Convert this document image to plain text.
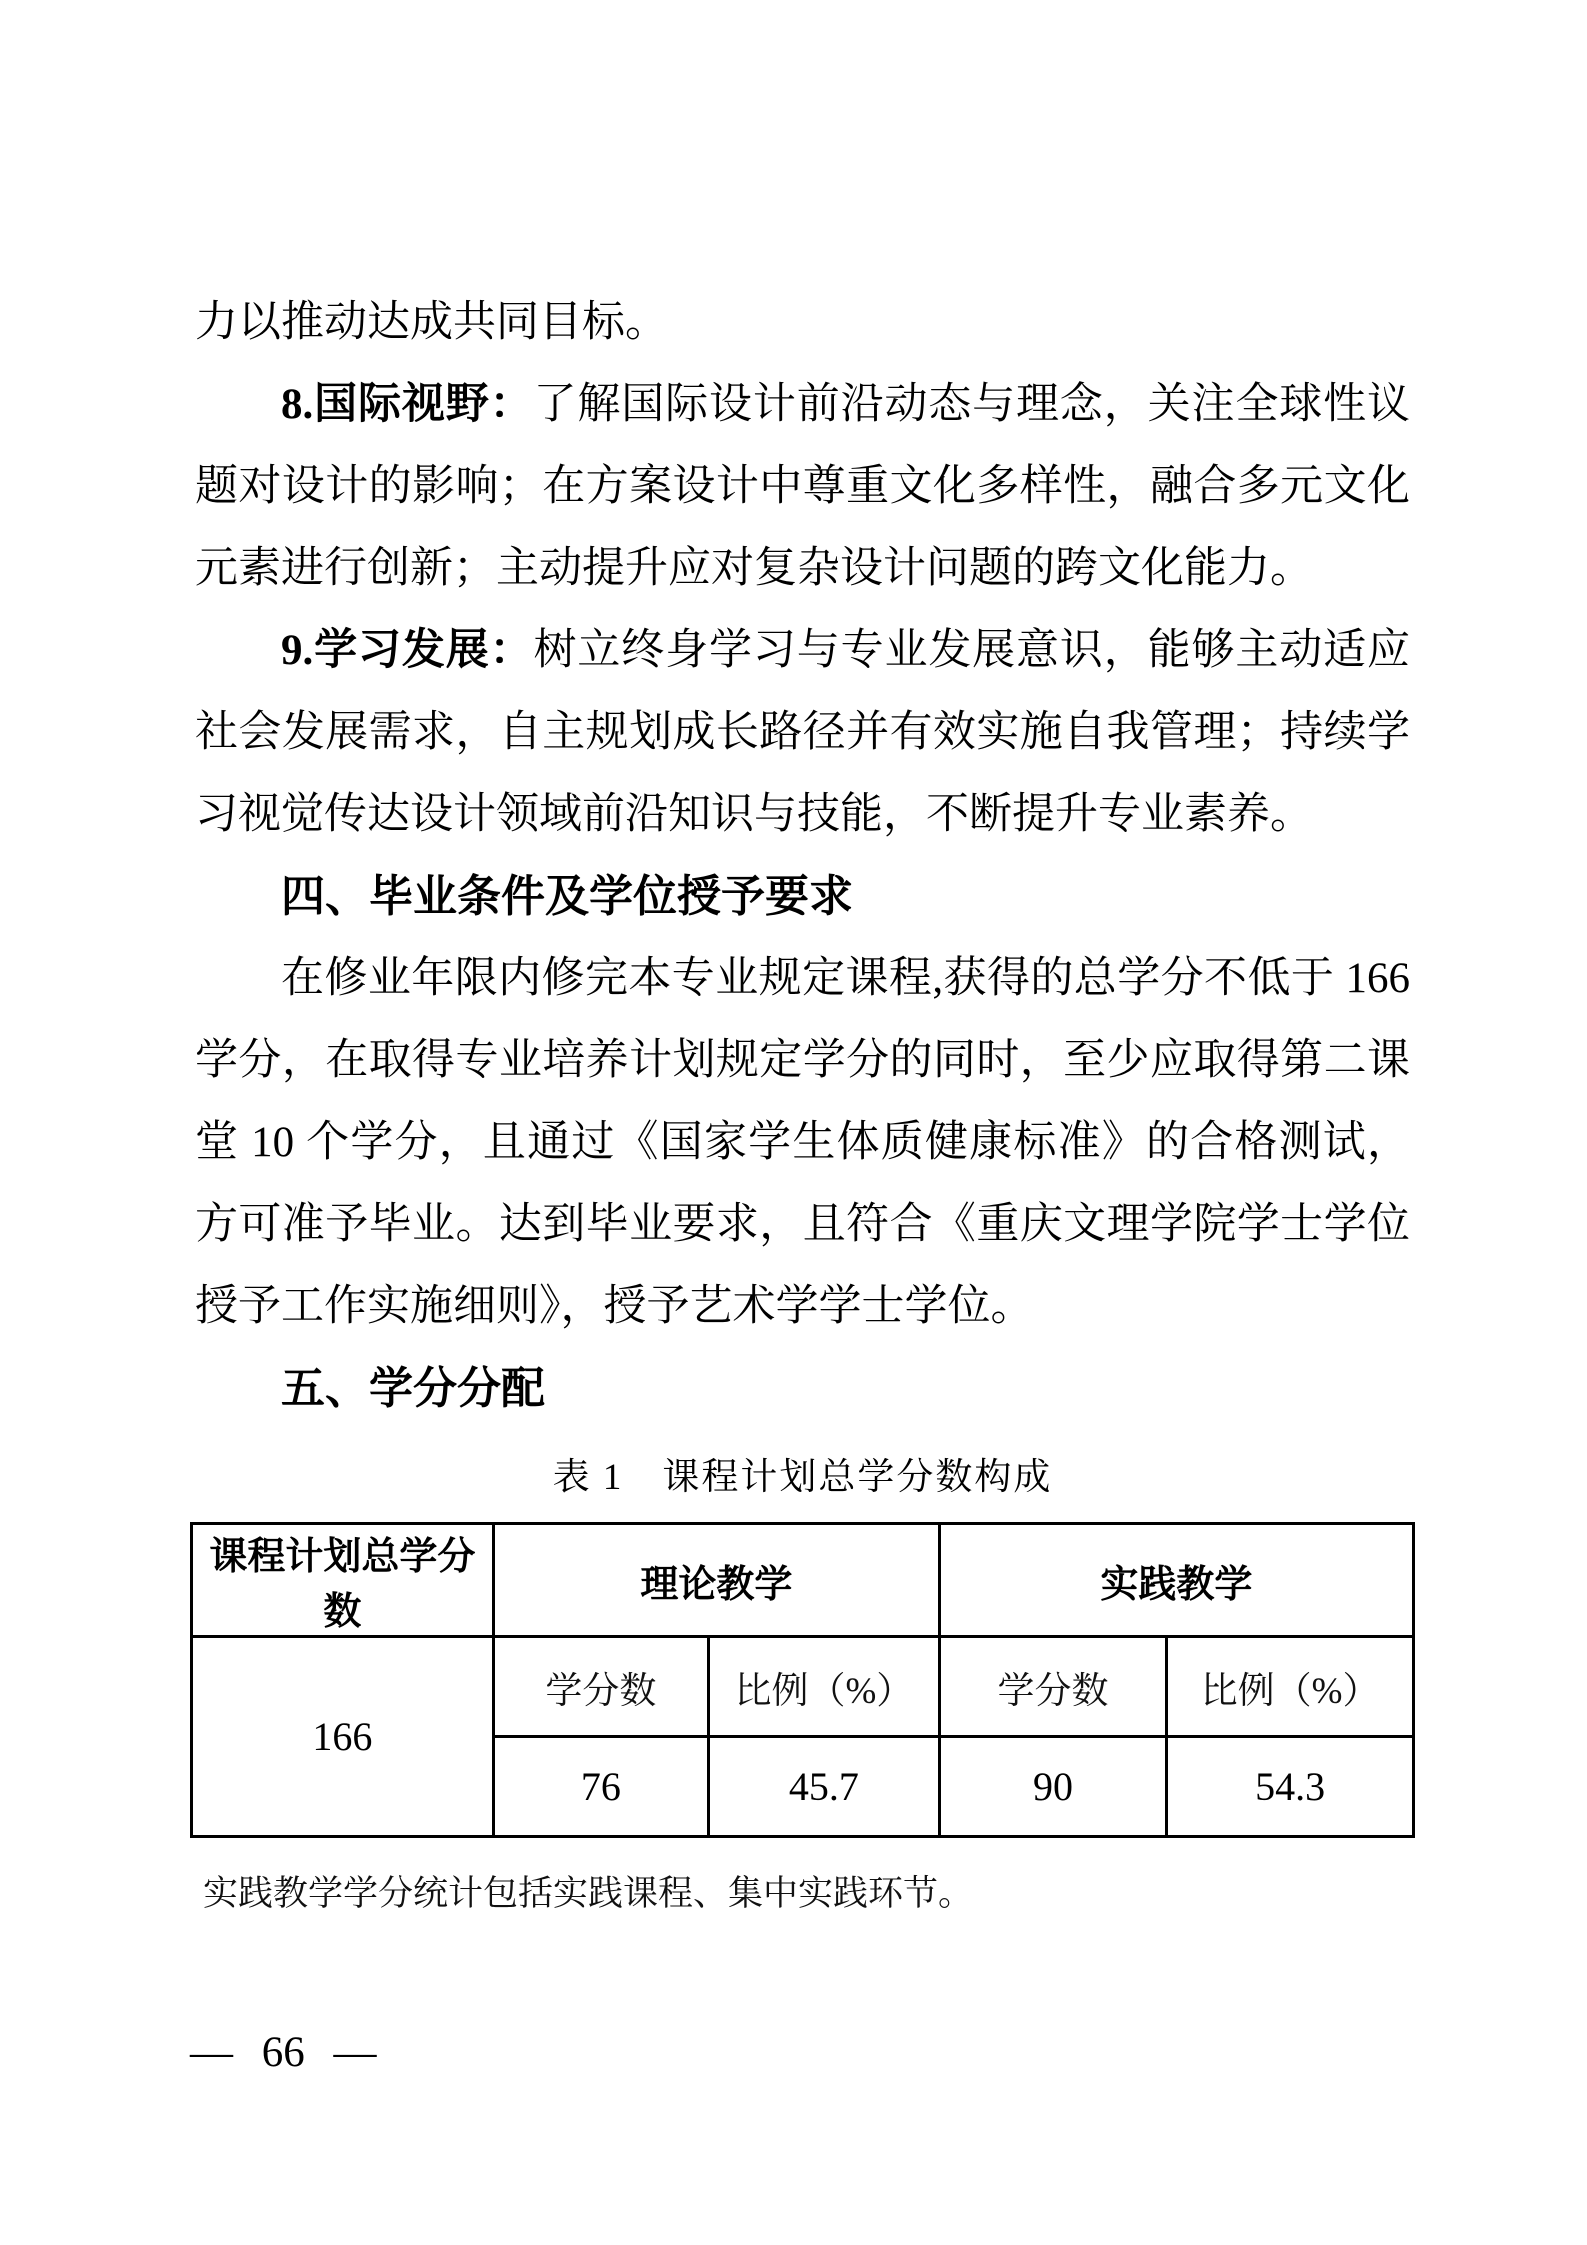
力以推动达成共同目标。

8.国际视野：了解国际设计前沿动态与理念，关注全球性议题对设计的影响；在方案设计中尊重文化多样性，融合多元文化元素进行创新；主动提升应对复杂设计问题的跨文化能力。

9.学习发展：树立终身学习与专业发展意识，能够主动适应社会发展需求，自主规划成长路径并有效实施自我管理；持续学习视觉传达设计领域前沿知识与技能，不断提升专业素养。

四、毕业条件及学位授予要求

在修业年限内修完本专业规定课程,获得的总学分不低于 166 学分，在取得专业培养计划规定学分的同时，至少应取得第二课堂 10 个学分，且通过《国家学生体质健康标准》的合格测试，方可准予毕业。达到毕业要求，且符合《重庆文理学院学士学位授予工作实施细则》，授予艺术学学士学位。

五、学分分配
表 1　课程计划总学分数构成
课程计划总学分数	理论教学		实践教学	
166	学分数	比例（%）	学分数	比例（%）
	76	45.7	90	54.3

实践教学学分统计包括实践课程、集中实践环节。

— 66 —
